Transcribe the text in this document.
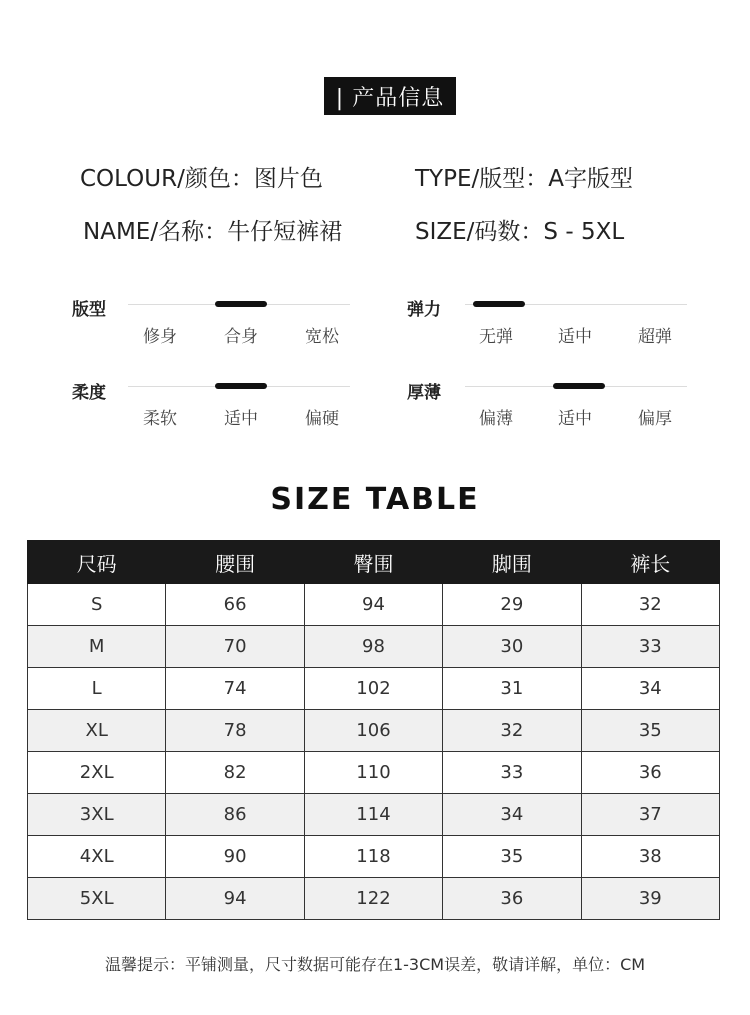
| 产品信息
COLOUR/颜色：图片色	TYPE/版型：A字版型
NAME/名称：牛仔短裤裙	SIZE/码数：S - 5XL
版型
修身	合身	宽松
弹力
无弹	适中	超弹
柔度
柔软	适中	偏硬
厚薄
偏薄	适中	偏厚
SIZE TABLE
尺码	腰围	臀围	脚围	裤长
S	66	94	29	32
M	70	98	30	33
L	74	102	31	34
XL	78	106	32	35
2XL	82	110	33	36
3XL	86	114	34	37
4XL	90	118	35	38
5XL	94	122	36	39
温馨提示：平铺测量，尺寸数据可能存在1-3CM误差，敬请详解，单位：CM
